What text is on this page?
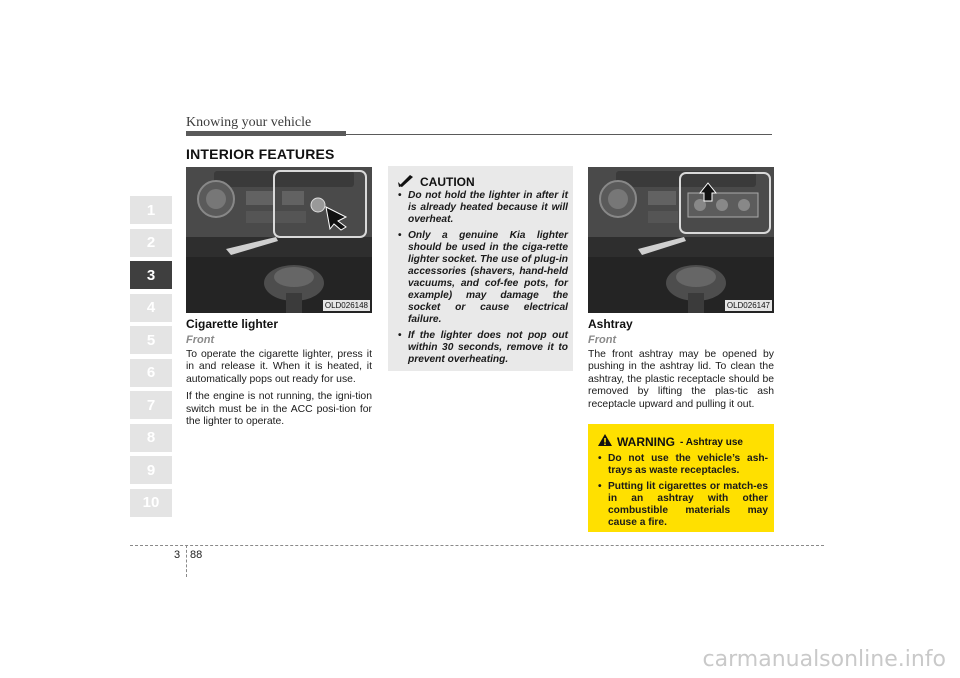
Knowing your vehicle
INTERIOR FEATURES
1
2
3
4
5
6
7
8
9
10
OLD026148
Cigarette lighter
Front

To operate the cigarette lighter, press it in and release it. When it is heated, it automatically pops out ready for use.

If the engine is not running, the igni-tion switch must be in the ACC posi-tion for the lighter to operate.

CAUTION
• Do not hold the lighter in after it is already heated because it will overheat.
• Only a genuine Kia lighter should be used in the ciga-rette lighter socket. The use of plug-in accessories (shavers, hand-held vacuums, and cof-fee pots, for example) may damage the socket or cause electrical failure.
• If the lighter does not pop out within 30 seconds, remove it to prevent overheating.
OLD026147
Ashtray
Front
The front ashtray may be opened by pushing in the ashtray lid. To clean the ashtray, the plastic receptacle should be removed by lifting the plas-tic ash receptacle upward and pulling it out.
WARNING - Ashtray use
• Do not use the vehicle’s ash-trays as waste receptacles.
• Putting lit cigarettes or match-es in an ashtray with other combustible materials may cause a fire.
3 88
carmanualsonline.info
